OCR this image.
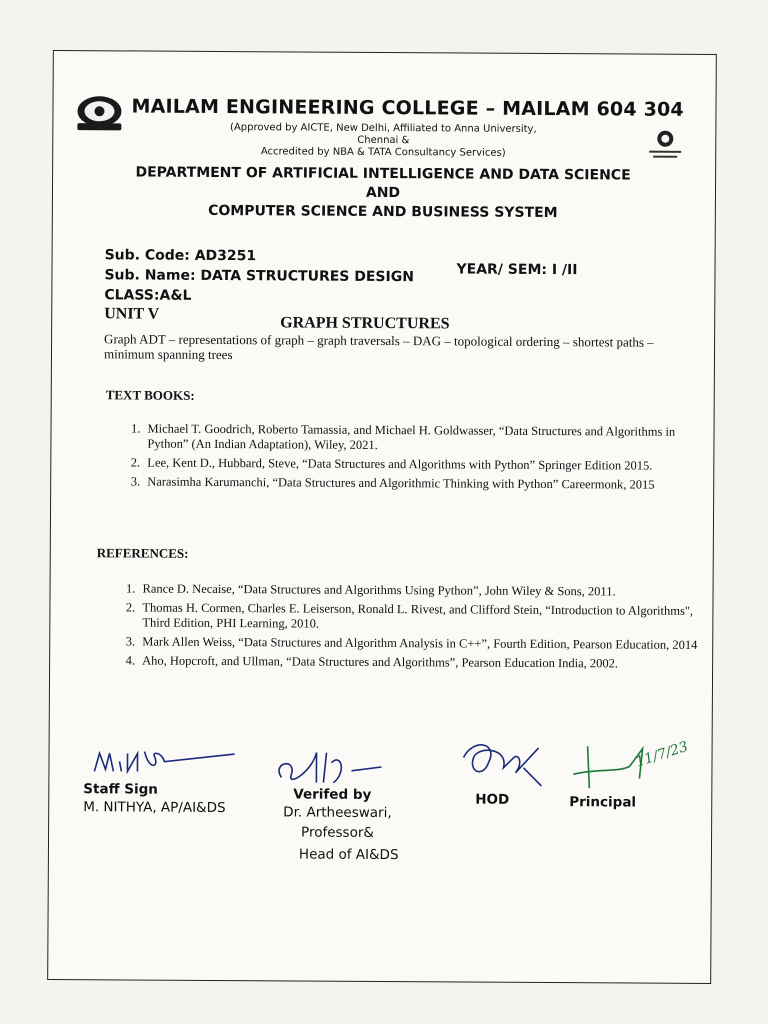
MAILAM ENGINEERING COLLEGE – MAILAM 604 304
(Approved by AICTE, New Delhi, Affiliated to Anna University, Chennai &
Accredited by NBA & TATA Consultancy Services)
DEPARTMENT OF ARTIFICIAL INTELLIGENCE AND DATA SCIENCE
AND
COMPUTER SCIENCE AND BUSINESS SYSTEM
Sub. Code: AD3251
YEAR/ SEM: I /II
Sub. Name: DATA STRUCTURES DESIGN
CLASS:A&L
UNIT V
GRAPH STRUCTURES
Graph ADT – representations of graph – graph traversals – DAG – topological ordering – shortest paths – minimum spanning trees
TEXT BOOKS:
1. Michael T. Goodrich, Roberto Tamassia, and Michael H. Goldwasser, “Data Structures and Algorithms in Python” (An Indian Adaptation), Wiley, 2021.
2. Lee, Kent D., Hubbard, Steve, “Data Structures and Algorithms with Python” Springer Edition 2015.
3. Narasimha Karumanchi, “Data Structures and Algorithmic Thinking with Python” Careermonk, 2015
REFERENCES:
1. Rance D. Necaise, “Data Structures and Algorithms Using Python”, John Wiley & Sons, 2011.
2. Thomas H. Cormen, Charles E. Leiserson, Ronald L. Rivest, and Clifford Stein, “Introduction to Algorithms", Third Edition, PHI Learning, 2010.
3. Mark Allen Weiss, “Data Structures and Algorithm Analysis in C++”, Fourth Edition, Pearson Education, 2014
4. Aho, Hopcroft, and Ullman, “Data Structures and Algorithms”, Pearson Education India, 2002.
Staff Sign
M. NITHYA, AP/AI&DS
Verifed by
Dr. Artheeswari,
Professor&
Head of AI&DS
HOD
11/7/23
Principal
